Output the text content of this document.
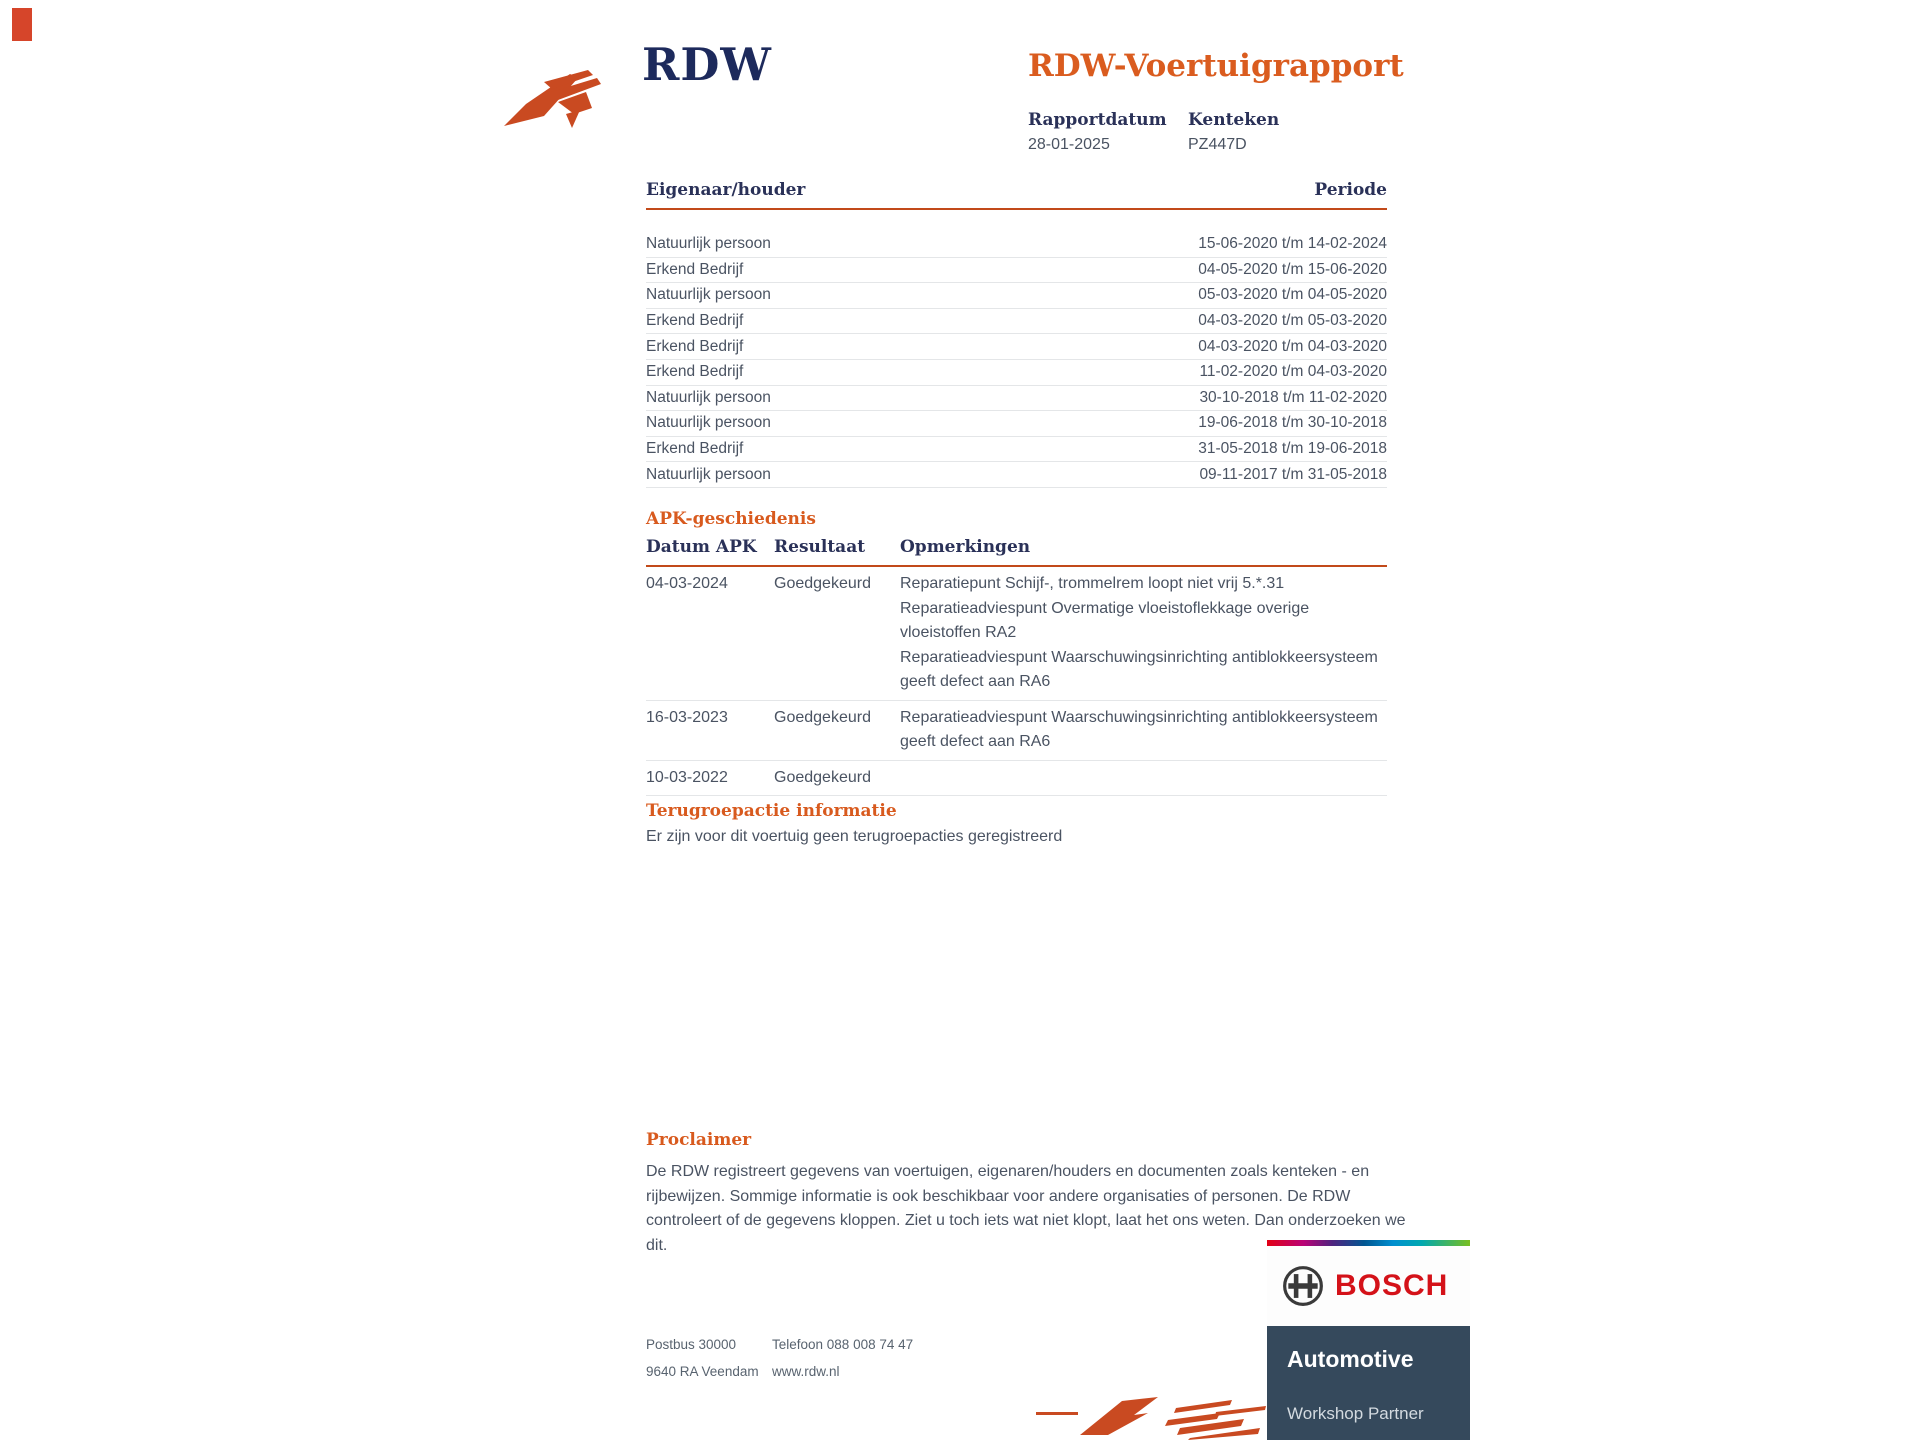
RDW	RDW-Voertuigrapport
Rapportdatum Kenteken
28-01-2025	PZ447D
Eigenaar/houder	Periode
Natuurlijk persoon	15-06-2020 t/m 14-02-2024
Erkend Bedrijf	04-05-2020 t/m 15-06-2020
Natuurlijk persoon	05-03-2020 t/m 04-05-2020
Erkend Bedrijf	04-03-2020 t/m 05-03-2020
Erkend Bedrijf	04-03-2020 t/m 04-03-2020
Erkend Bedrijf	11-02-2020 t/m 04-03-2020
Natuurlijk persoon	30-10-2018 t/m 11-02-2020
Natuurlijk persoon	19-06-2018 t/m 30-10-2018
Erkend Bedrijf	31-05-2018 t/m 19-06-2018
Natuurlijk persoon	09-11-2017 t/m 31-05-2018
APK-geschiedenis
Datum APK	Resultaat	Opmerkingen
04-03-2024	Goedgekeurd	Reparatiepunt Schijf-, trommelrem loopt niet vrij 5.*.31

Reparatieadviespunt Overmatige vloeistoflekkage overige vloeistoffen RA2

Reparatieadviespunt Waarschuwingsinrichting antiblokkeersysteem geeft defect aan RA6

16-03-2023	Goedgekeurd	Reparatieadviespunt Waarschuwingsinrichting antiblokkeersysteem geeft defect aan RA6

10-03-2022	Goedgekeurd
Terugroepactie informatie
Er zijn voor dit voertuig geen terugroepacties geregistreerd
Proclaimer
De RDW registreert gegevens van voertuigen, eigenaren/houders en documenten zoals kenteken - en rijbewijzen. Sommige informatie is ook beschikbaar voor andere organisaties of personen. De RDW controleert of de gegevens kloppen. Ziet u toch iets wat niet klopt, laat het ons weten. Dan onderzoeken we dit.
Postbus 30000	Telefoon 088 008 74 47
9640 RA Veendam www.rdw.nl
BOSCH
Automotive
Workshop Partner
